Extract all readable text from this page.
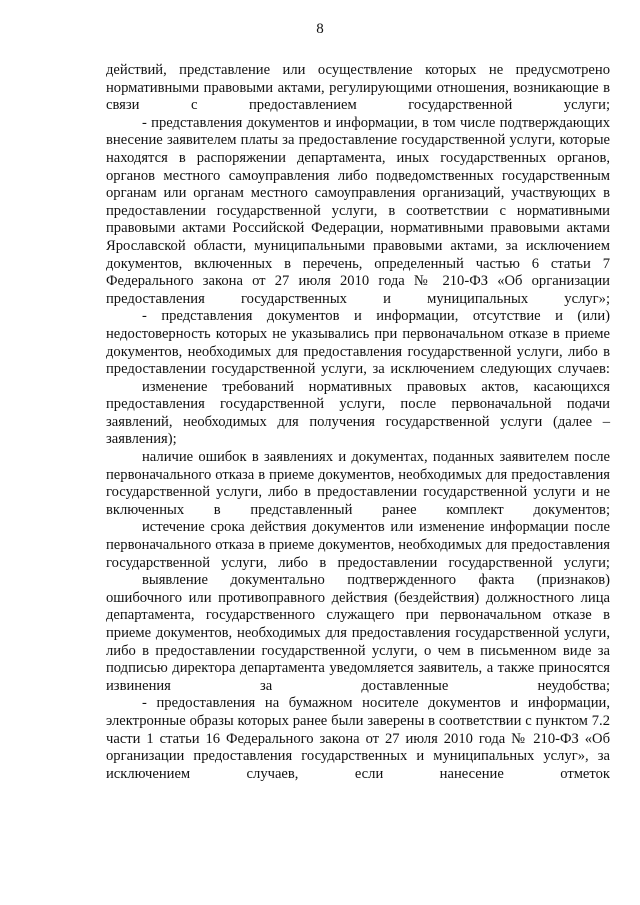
8

действий, представление или осуществление которых не предусмотрено нормативными правовыми актами, регулирующими отношения, возникающие в связи с предоставлением государственной услуги;

- представления документов и информации, в том числе подтверждающих внесение заявителем платы за предоставление государственной услуги, которые находятся в распоряжении департамента, иных государственных органов, органов местного самоуправления либо подведомственных государственным органам или органам местного самоуправления организаций, участвующих в предоставлении государственной услуги, в соответствии с нормативными правовыми актами Российской Федерации, нормативными правовыми актами Ярославской области, муниципальными правовыми актами, за исключением документов, включенных в перечень, определенный частью 6 статьи 7 Федерального закона от 27 июля 2010 года № 210-ФЗ «Об организации предоставления государственных и муниципальных услуг»;

- представления документов и информации, отсутствие и (или) недостоверность которых не указывались при первоначальном отказе в приеме документов, необходимых для предоставления государственной услуги, либо в предоставлении государственной услуги, за исключением следующих случаев:

изменение требований нормативных правовых актов, касающихся предоставления государственной услуги, после первоначальной подачи заявлений, необходимых для получения государственной услуги (далее – заявления);

наличие ошибок в заявлениях и документах, поданных заявителем после первоначального отказа в приеме документов, необходимых для предоставления государственной услуги, либо в предоставлении государственной услуги и не включенных в представленный ранее комплект документов;

истечение срока действия документов или изменение информации после первоначального отказа в приеме документов, необходимых для предоставления государственной услуги, либо в предоставлении государственной услуги;

выявление документально подтвержденного факта (признаков) ошибочного или противоправного действия (бездействия) должностного лица департамента, государственного служащего при первоначальном отказе в приеме документов, необходимых для предоставления государственной услуги, либо в предоставлении государственной услуги, о чем в письменном виде за подписью директора департамента уведомляется заявитель, а также приносятся извинения за доставленные неудобства;

- предоставления на бумажном носителе документов и информации, электронные образы которых ранее были заверены в соответствии с пунктом 7.2 части 1 статьи 16 Федерального закона от 27 июля 2010 года № 210-ФЗ «Об организации предоставления государственных и муниципальных услуг», за исключением случаев, если нанесение отметок
